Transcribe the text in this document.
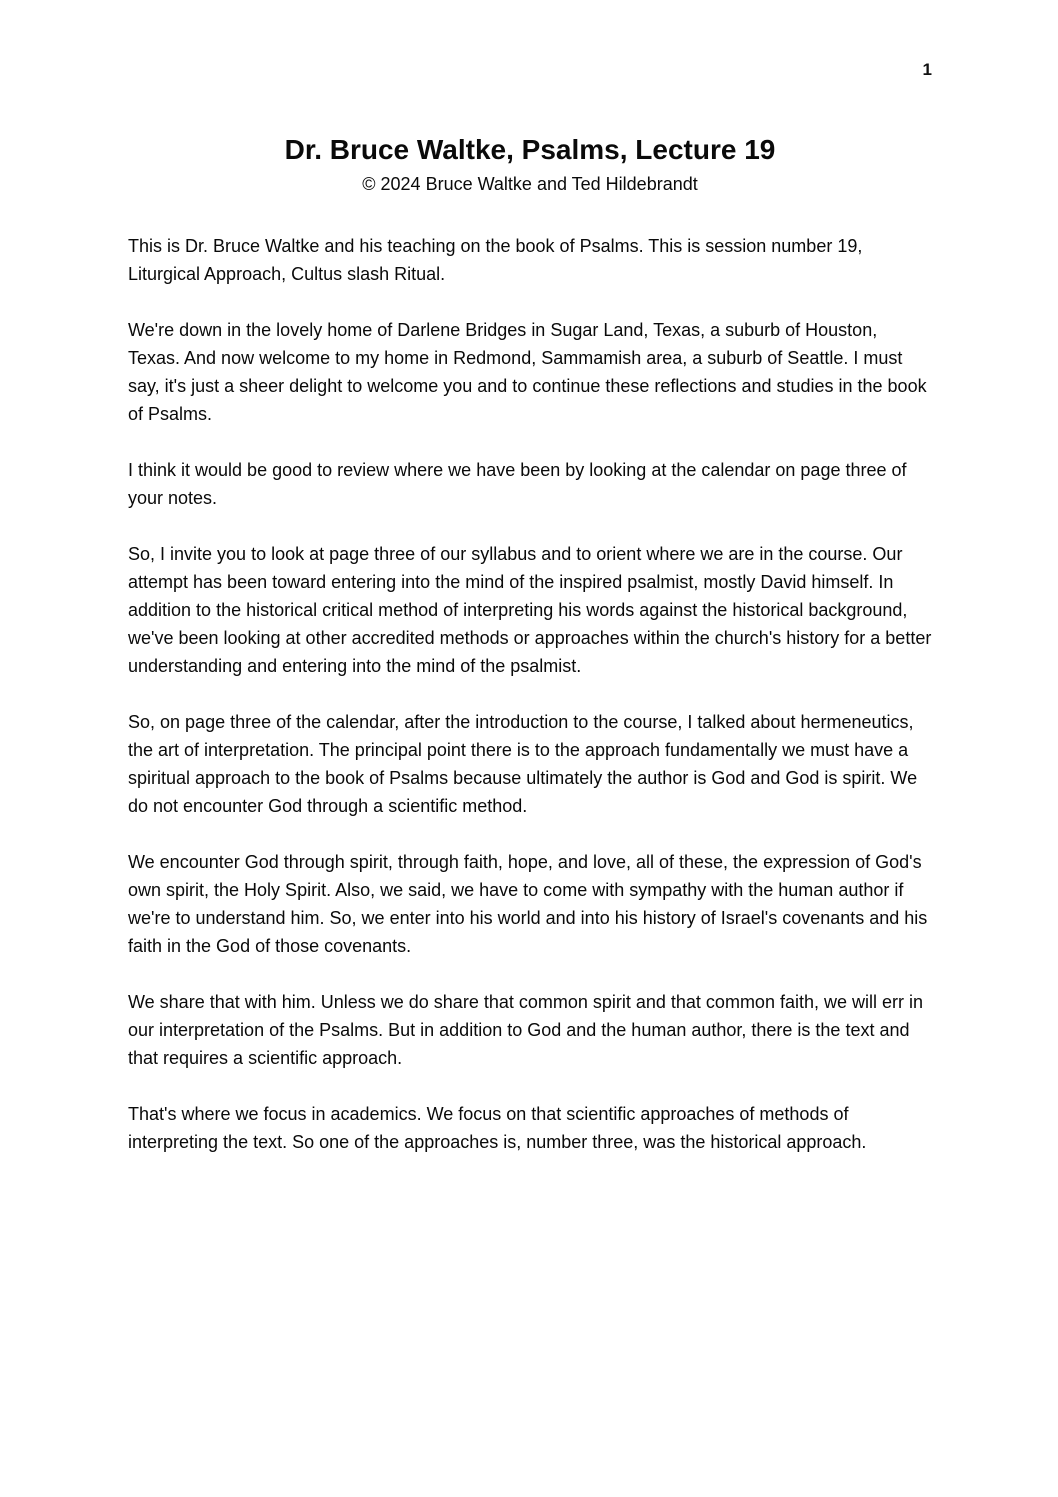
1
Dr. Bruce Waltke, Psalms, Lecture 19
© 2024 Bruce Waltke and Ted Hildebrandt

This is Dr. Bruce Waltke and his teaching on the book of Psalms. This is session number 19, Liturgical Approach, Cultus slash Ritual.

We're down in the lovely home of Darlene Bridges in Sugar Land, Texas, a suburb of Houston, Texas. And now welcome to my home in Redmond, Sammamish area, a suburb of Seattle. I must say, it's just a sheer delight to welcome you and to continue these reflections and studies in the book of Psalms.

I think it would be good to review where we have been by looking at the calendar on page three of your notes.

So, I invite you to look at page three of our syllabus and to orient where we are in the course. Our attempt has been toward entering into the mind of the inspired psalmist, mostly David himself. In addition to the historical critical method of interpreting his words against the historical background, we've been looking at other accredited methods or approaches within the church's history for a better understanding and entering into the mind of the psalmist.

So, on page three of the calendar, after the introduction to the course, I talked about hermeneutics, the art of interpretation. The principal point there is to the approach fundamentally we must have a spiritual approach to the book of Psalms because ultimately the author is God and God is spirit. We do not encounter God through a scientific method.

We encounter God through spirit, through faith, hope, and love, all of these, the expression of God's own spirit, the Holy Spirit. Also, we said, we have to come with sympathy with the human author if we're to understand him. So, we enter into his world and into his history of Israel's covenants and his faith in the God of those covenants.

We share that with him. Unless we do share that common spirit and that common faith, we will err in our interpretation of the Psalms. But in addition to God and the human author, there is the text and that requires a scientific approach.

That's where we focus in academics. We focus on that scientific approaches of methods of interpreting the text. So one of the approaches is, number three, was the historical approach.
